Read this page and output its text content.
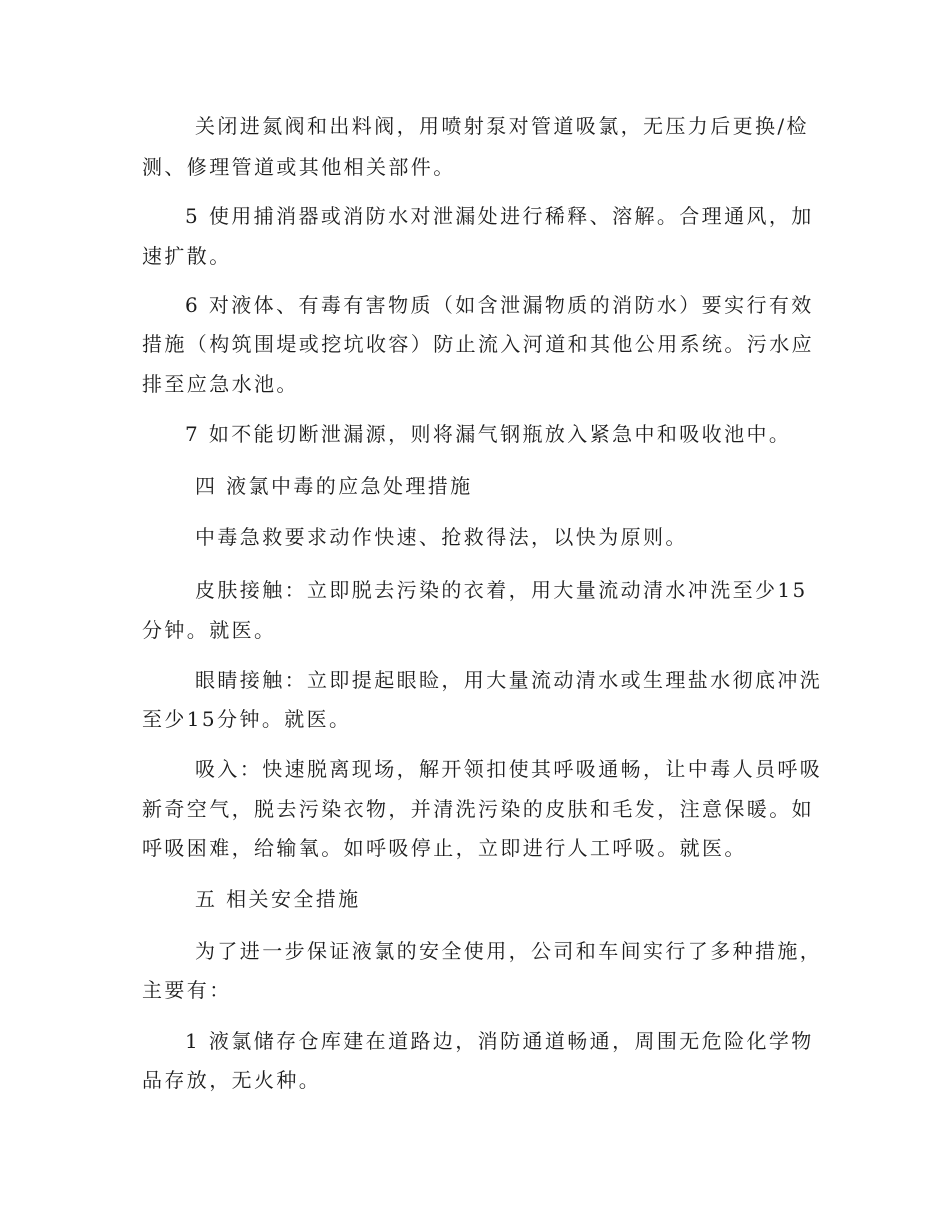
关闭进氮阀和出料阀，用喷射泵对管道吸氯，无压力后更换/检
测、修理管道或其他相关部件。
5 使用捕消器或消防水对泄漏处进行稀释、溶解。合理通风，加
速扩散。
6 对液体、有毒有害物质（如含泄漏物质的消防水）要实行有效
措施（构筑围堤或挖坑收容）防止流入河道和其他公用系统。污水应
排至应急水池。
7 如不能切断泄漏源，则将漏气钢瓶放入紧急中和吸收池中。
四 液氯中毒的应急处理措施
中毒急救要求动作快速、抢救得法，以快为原则。
皮肤接触：立即脱去污染的衣着，用大量流动清水冲洗至少15
分钟。就医。
眼睛接触：立即提起眼睑，用大量流动清水或生理盐水彻底冲洗
至少15分钟。就医。
吸入：快速脱离现场，解开领扣使其呼吸通畅，让中毒人员呼吸
新奇空气，脱去污染衣物，并清洗污染的皮肤和毛发，注意保暖。如
呼吸困难，给输氧。如呼吸停止，立即进行人工呼吸。就医。
五 相关安全措施
为了进一步保证液氯的安全使用，公司和车间实行了多种措施，
主要有：
1 液氯储存仓库建在道路边，消防通道畅通，周围无危险化学物
品存放，无火种。
